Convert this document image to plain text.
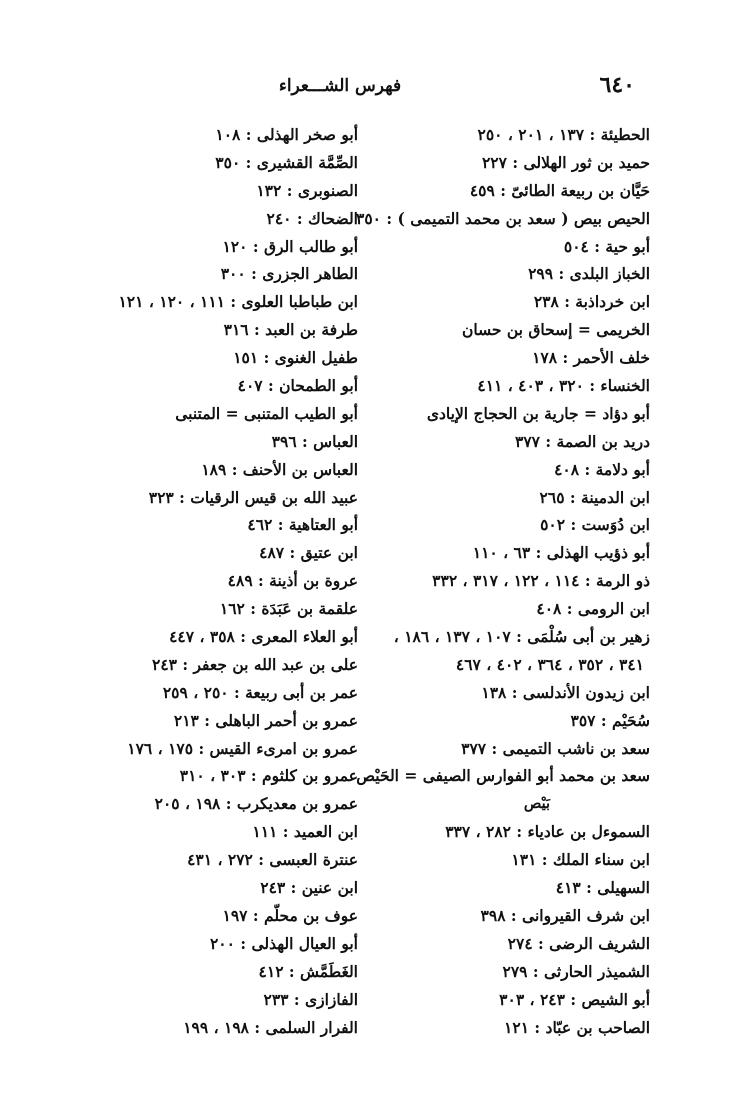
٦٤٠
فهرس الشـــعراء
الحطيئة : ١٣٧ ، ٢٠١ ، ٢٥٠
حميد بن ثور الهلالى : ٢٢٧
حَيَّان بن ربيعة الطائىّ : ٤٥٩
الحيص بيص ( سعد بن محمد التميمى ) : ٣٥٠
أبو حية : ٥٠٤
الخباز البلدى : ٢٩٩
ابن خرداذبة : ٢٣٨
الخريمى = إسحاق بن حسان
خلف الأحمر : ١٧٨
الخنساء : ٣٢٠ ، ٤٠٣ ، ٤١١
أبو دؤاد = جارية بن الحجاج الإيادى
دريد بن الصمة : ٣٧٧
أبو دلامة : ٤٠٨
ابن الدمينة : ٢٦٥
ابن دُوَست : ٥٠٢
أبو ذؤيب الهذلى : ٦٣ ، ١١٠
ذو الرمة : ١١٤ ، ١٢٢ ، ٣١٧ ، ٣٣٢
ابن الرومى : ٤٠٨
زهير بن أبى سُلْمَى : ١٠٧ ، ١٣٧ ، ١٨٦ ،
٣٤١ ، ٣٥٢ ، ٣٦٤ ، ٤٠٢ ، ٤٦٧
ابن زيدون الأندلسى : ١٣٨
سُحَيْم : ٣٥٧
سعد بن ناشب التميمى : ٣٧٧
سعد بن محمد أبو الفوارس الصيفى = الحَيْص
بَيْص
السموءل بن عادياء : ٢٨٢ ، ٣٣٧
ابن سناء الملك : ١٣١
السهيلى : ٤١٣
ابن شرف القيروانى : ٣٩٨
الشريف الرضى : ٢٧٤
الشميذر الحارثى : ٢٧٩
أبو الشيص : ٢٤٣ ، ٣٠٣
الصاحب بن عبّاد : ١٢١
أبو صخر الهذلى : ١٠٨
الصِّمَّة القشيرى : ٣٥٠
الصنوبرى : ١٣٢
الضحاك : ٢٤٠
أبو طالب الرق : ١٢٠
الطاهر الجزرى : ٣٠٠
ابن طباطبا العلوى : ١١١ ، ١٢٠ ، ١٢١
طرفة بن العبد : ٣١٦
طفيل الغنوى : ١٥١
أبو الطمحان : ٤٠٧
أبو الطيب المتنبى = المتنبى
العباس : ٣٩٦
العباس بن الأحنف : ١٨٩
عبيد الله بن قيس الرقيات : ٣٢٣
أبو العتاهية : ٤٦٢
ابن عتيق : ٤٨٧
عروة بن أذينة : ٤٨٩
علقمة بن عَبَدَة : ١٦٢
أبو العلاء المعرى : ٣٥٨ ، ٤٤٧
على بن عبد الله بن جعفر : ٢٤٣
عمر بن أبى ربيعة : ٢٥٠ ، ٢٥٩
عمرو بن أحمر الباهلى : ٢١٣
عمرو بن امرىء القيس : ١٧٥ ، ١٧٦
عمرو بن كلثوم : ٣٠٣ ، ٣١٠
عمرو بن معديكرب : ١٩٨ ، ٢٠٥
ابن العميد : ١١١
عنترة العبسى : ٢٧٢ ، ٤٣١
ابن عنين : ٢٤٣
عوف بن محلّم : ١٩٧
أبو العيال الهذلى : ٢٠٠
الغَطَمَّش : ٤١٢
الفازازى : ٢٣٣
الفرار السلمى : ١٩٨ ، ١٩٩
